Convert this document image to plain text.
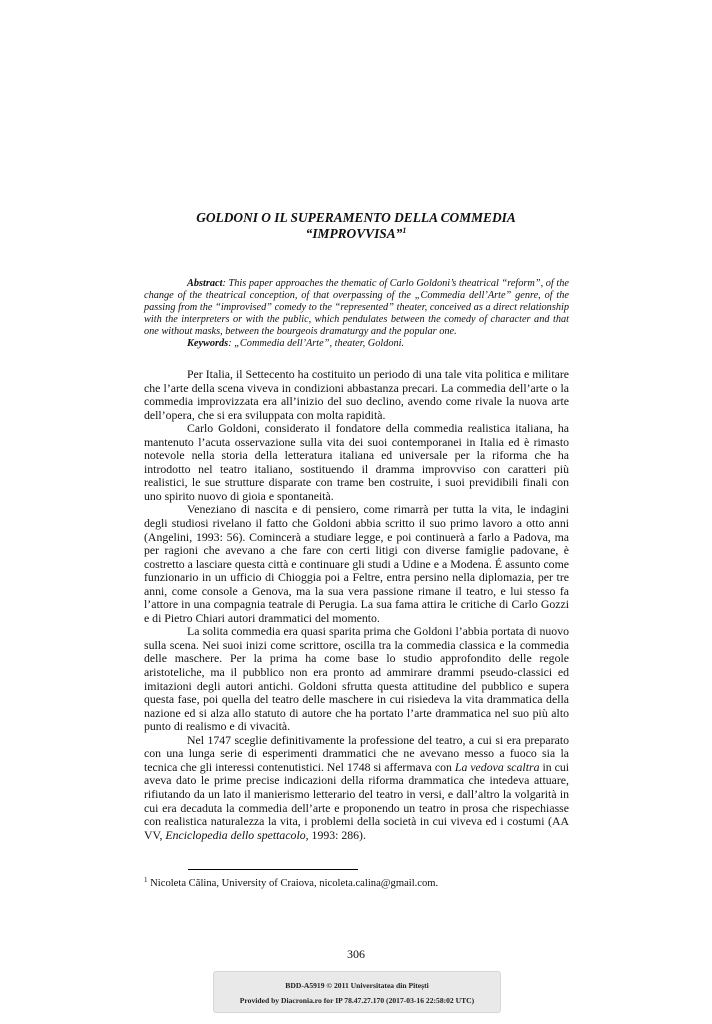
GOLDONI O IL SUPERAMENTO DELLA COMMEDIA
“IMPROVVISA”$^1$

Abstract: This paper approaches the thematic of Carlo Goldoni’s theatrical “reform”, of the change of the theatrical conception, of that overpassing of the „Commedia dell’Arte” genre, of the passing from the “improvised” comedy to the “represented” theater, conceived as a direct relationship with the interpreters or with the public, which pendulates between the comedy of character and that one without masks, between the bourgeois dramaturgy and the popular one.

Keywords: „Commedia dell’Arte”, theater, Goldoni.

Per Italia, il Settecento ha costituito un periodo di una tale vita politica e militare che l’arte della scena viveva in condizioni abbastanza precari. La commedia dell’arte o la commedia improvizzata era all’inizio del suo declino, avendo come rivale la nuova arte dell’opera, che si era sviluppata con molta rapidità.

Carlo Goldoni, considerato il fondatore della commedia realistica italiana, ha mantenuto l’acuta osservazione sulla vita dei suoi contemporanei in Italia ed è rimasto notevole nella storia della letteratura italiana ed universale per la riforma che ha introdotto nel teatro italiano, sostituendo il dramma improvviso con caratteri più realistici, le sue strutture disparate con trame ben costruite, i suoi previdibili finali con uno spirito nuovo di gioia e spontaneità.

Veneziano di nascita e di pensiero, come rimarrà per tutta la vita, le indagini degli studiosi rivelano il fatto che Goldoni abbia scritto il suo primo lavoro a otto anni (Angelini, 1993: 56). Comincerà a studiare legge, e poi continuerà a farlo a Padova, ma per ragioni che avevano a che fare con certi litigi con diverse famiglie padovane, è costretto a lasciare questa città e continuare gli studi a Udine e a Modena. É assunto come funzionario in un ufficio di Chioggia poi a Feltre, entra persino nella diplomazia, per tre anni, come console a Genova, ma la sua vera passione rimane il teatro, e lui stesso fa l’attore in una compagnia teatrale di Perugia. La sua fama attira le critiche di Carlo Gozzi e di Pietro Chiari autori drammatici del momento.

La solita commedia era quasi sparita prima che Goldoni l’abbia portata di nuovo sulla scena. Nei suoi inizi come scrittore, oscilla tra la commedia classica e la commedia delle maschere. Per la prima ha come base lo studio approfondito delle regole aristoteliche, ma il pubblico non era pronto ad ammirare drammi pseudo-classici ed imitazioni degli autori antichi. Goldoni sfrutta questa attitudine del pubblico e supera questa fase, poi quella del teatro delle maschere in cui risiedeva la vita drammatica della nazione ed si alza allo statuto di autore che ha portato l’arte drammatica nel suo più alto punto di realismo e di vivacità.

Nel 1747 sceglie definitivamente la professione del teatro, a cui si era preparato con una lunga serie di esperimenti drammatici che ne avevano messo a fuoco sia la tecnica che gli interessi contenutistici. Nel 1748 si affermava con La vedova scaltra in cui aveva dato le prime precise indicazioni della riforma drammatica che intedeva attuare, rifiutando da un lato il manierismo letterario del teatro in versi, e dall’altro la volgarità in cui era decaduta la commedia dell’arte e proponendo un teatro in prosa che rispechiasse con realistica naturalezza la vita, i problemi della società in cui viveva ed i costumi (AA VV, Enciclopedia dello spettacolo, 1993: 286).

$^1$ Nicoleta Călina, University of Craiova, nicoleta.calina@gmail.com.

306
BDD-A5919 © 2011 Universitatea din Pitești
Provided by Diacronia.ro for IP 78.47.27.170 (2017-03-16 22:58:02 UTC)
